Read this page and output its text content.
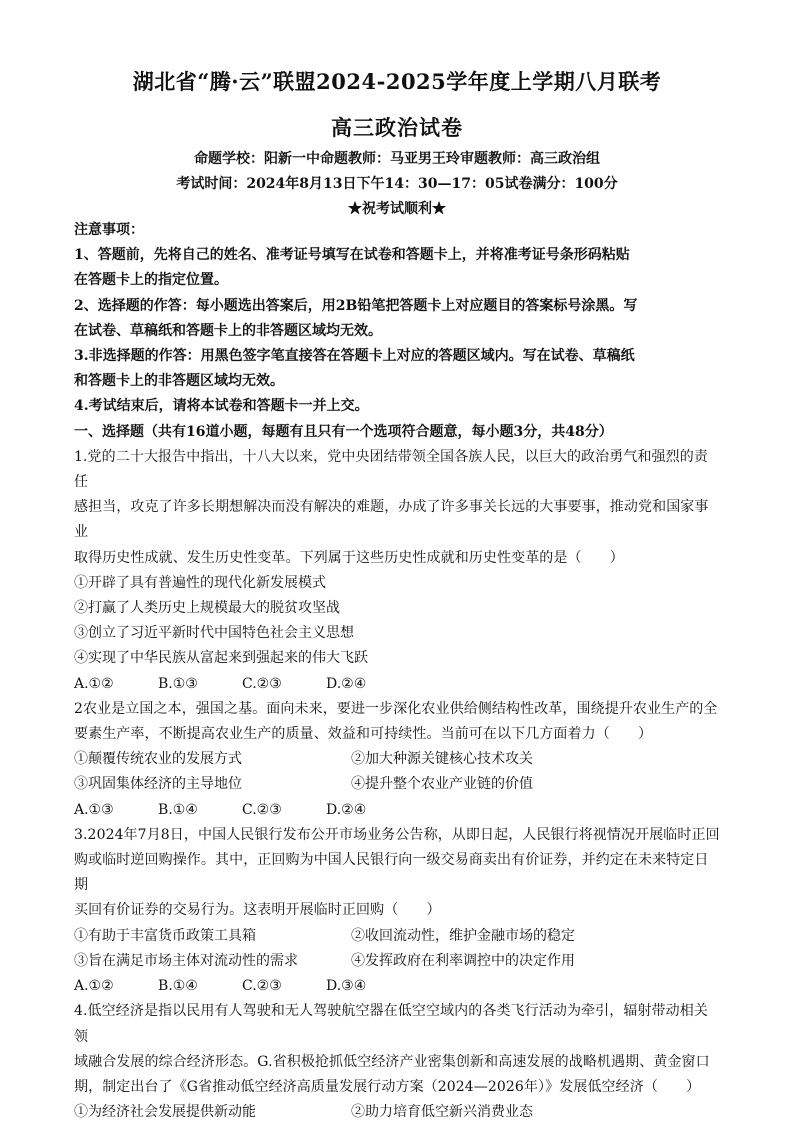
湖北省“腾·云”联盟2024-2025学年度上学期八月联考
高三政治试卷
命题学校：阳新一中命题教师：马亚男王玲审题教师：高三政治组
考试时间：2024年8月13日下午14：30—17：05试卷满分：100分
★祝考试顺利★
注意事项：
1、答题前，先将自己的姓名、准考证号填写在试卷和答题卡上，并将准考证号条形码粘贴
在答题卡上的指定位置。
2、选择题的作答：每小题选出答案后，用2B铅笔把答题卡上对应题目的答案标号涂黑。写
在试卷、草稿纸和答题卡上的非答题区域均无效。
3.非选择题的作答：用黑色签字笔直接答在答题卡上对应的答题区域内。写在试卷、草稿纸
和答题卡上的非答题区域均无效。
4.考试结束后，请将本试卷和答题卡一并上交。
一、选择题（共有16道小题，每题有且只有一个选项符合题意，每小题3分，共48分）
1.党的二十大报告中指出，十八大以来，党中央团结带领全国各族人民，以巨大的政治勇气和强烈的责任
感担当，攻克了许多长期想解决而没有解决的难题，办成了许多事关长远的大事要事，推动党和国家事业
取得历史性成就、发生历史性变革。下列属于这些历史性成就和历史性变革的是（　　）
①开辟了具有普遍性的现代化新发展模式
②打赢了人类历史上规模最大的脱贫攻坚战
③创立了习近平新时代中国特色社会主义思想
④实现了中华民族从富起来到强起来的伟大飞跃
A.①②	B.①③	C.②③	D.②④
2农业是立国之本，强国之基。面向未来，要进一步深化农业供给侧结构性改革，围绕提升农业生产的全
要素生产率，不断提高农业生产的质量、效益和可持续性。当前可在以下几方面着力（　　）
①颠覆传统农业的发展方式	②加大种源关键核心技术攻关
③巩固集体经济的主导地位	④提升整个农业产业链的价值
A.①③	B.①④	C.②③	D.②④
3.2024年7月8日，中国人民银行发布公开市场业务公告称，从即日起，人民银行将视情况开展临时正回
购或临时逆回购操作。其中，正回购为中国人民银行向一级交易商卖出有价证券，并约定在未来特定日期
买回有价证券的交易行为。这表明开展临时正回购（　　）
①有助于丰富货币政策工具箱	②收回流动性，维护金融市场的稳定
③旨在满足市场主体对流动性的需求	④发挥政府在利率调控中的决定作用
A.①②	B.①④	C.②③	D.③④
4.低空经济是指以民用有人驾驶和无人驾驶航空器在低空空域内的各类飞行活动为牵引，辐射带动相关领
域融合发展的综合经济形态。G.省积极抢抓低空经济产业密集创新和高速发展的战略机遇期、黄金窗口
期，制定出台了《G省推动低空经济高质量发展行动方案（2024—2026年）》发展低空经济（　　）
①为经济社会发展提供新动能	②助力培育低空新兴消费业态
